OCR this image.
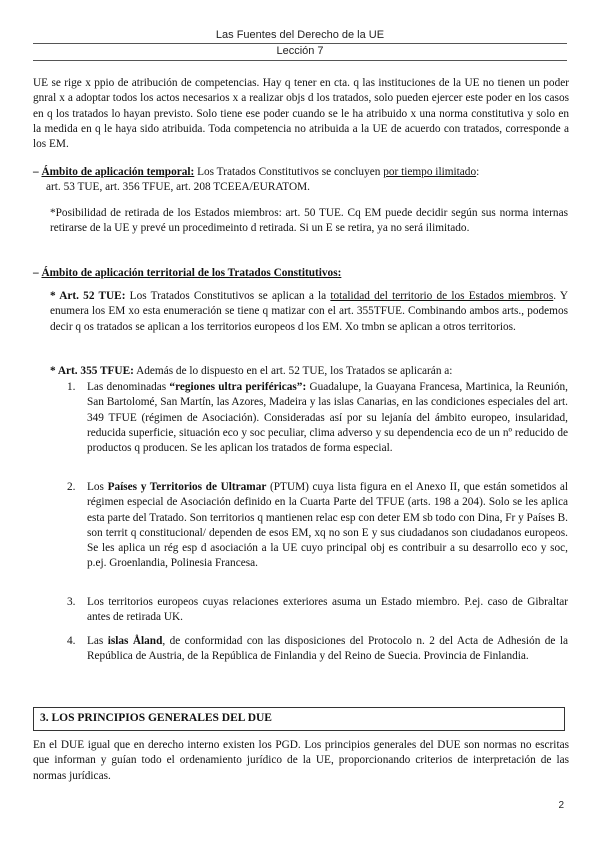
Las Fuentes del Derecho de la UE
Lección 7
UE se rige x ppio de atribución de competencias. Hay q tener en cta. q las instituciones de la UE no tienen un poder gnral x a adoptar todos los actos necesarios x a realizar objs d los tratados, solo pueden ejercer este poder en los casos en q los tratados lo hayan previsto. Solo tiene ese poder cuando se le ha atribuido x una norma constitutiva y solo en la medida en q le haya sido atribuida. Toda competencia no atribuida a la UE de acuerdo con tratados, corresponde a los EM.
– Ámbito de aplicación temporal: Los Tratados Constitutivos se concluyen por tiempo ilimitado:
art. 53 TUE, art. 356 TFUE, art. 208 TCEEA/EURATOM.
*Posibilidad de retirada de los Estados miembros: art. 50 TUE. Cq EM puede decidir según sus norma internas retirarse de la UE y prevé un procedimeinto d retirada. Si un E se retira, ya no será ilimitado.
– Ámbito de aplicación territorial de los Tratados Constitutivos:
* Art. 52 TUE: Los Tratados Constitutivos se aplican a la totalidad del territorio de los Estados miembros. Y enumera los EM xo esta enumeración se tiene q matizar con el art. 355TFUE. Combinando ambos arts., podemos decir q os tratados se aplican a los territorios europeos d los EM. Xo tmbn se aplican a otros territorios.
* Art. 355 TFUE: Además de lo dispuesto en el art. 52 TUE, los Tratados se aplicarán a:
1. Las denominadas “regiones ultra periféricas”: Guadalupe, la Guayana Francesa, Martinica, la Reunión, San Bartolomé, San Martín, las Azores, Madeira y las islas Canarias, en las condiciones especiales del art. 349 TFUE (régimen de Asociación). Consideradas así por su lejanía del ámbito europeo, insularidad, reducida superficie, situación eco y soc peculiar, clima adverso y su dependencia eco de un nº reducido de productos q producen. Se les aplican los tratados de forma especial.
2. Los Países y Territorios de Ultramar (PTUM) cuya lista figura en el Anexo II, que están sometidos al régimen especial de Asociación definido en la Cuarta Parte del TFUE (arts. 198 a 204). Solo se les aplica esta parte del Tratado. Son territorios q mantienen relac esp con deter EM sb todo con Dina, Fr y Países B. son territ q constitucional/ dependen de esos EM, xq no son E y sus ciudadanos son ciudadanos europeos. Se les aplica un rég esp d asociación a la UE cuyo principal obj es contribuir a su desarrollo eco y soc, p.ej. Groenlandia, Polinesia Francesa.
3. Los territorios europeos cuyas relaciones exteriores asuma un Estado miembro. P.ej. caso de Gibraltar antes de retirada UK.
4. Las islas Åland, de conformidad con las disposiciones del Protocolo n. 2 del Acta de Adhesión de la República de Austria, de la República de Finlandia y del Reino de Suecia. Provincia de Finlandia.
3. LOS PRINCIPIOS GENERALES DEL DUE
En el DUE igual que en derecho interno existen los PGD. Los principios generales del DUE son normas no escritas que informan y guían todo el ordenamiento jurídico de la UE, proporcionando criterios de interpretación de las normas jurídicas.
2
